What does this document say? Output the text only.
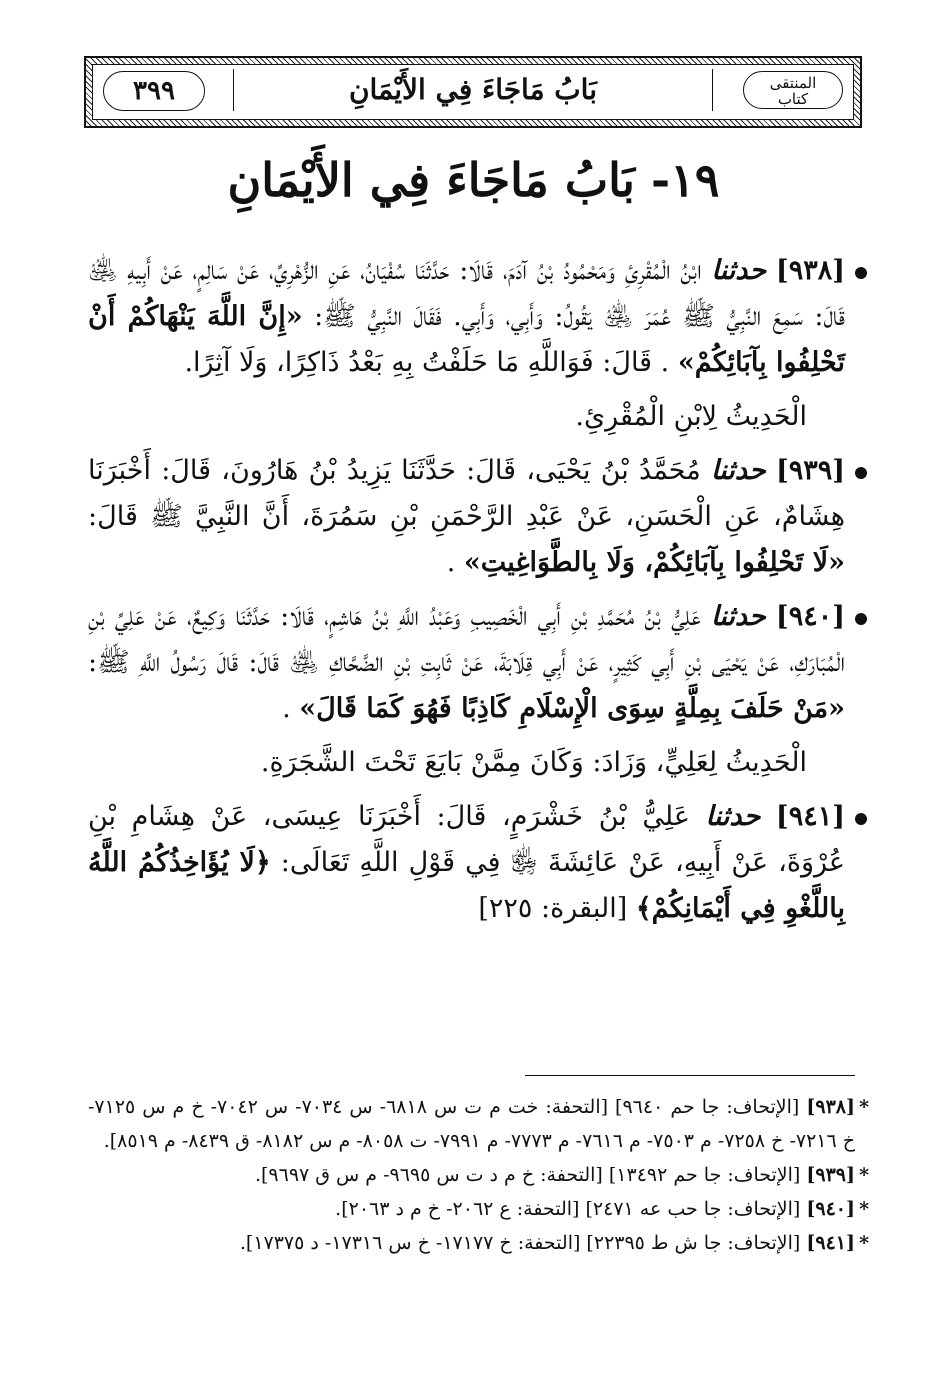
المنتقى
كتاب
بَابُ مَاجَاءَ فِي الأَيْمَانِ
٣٩٩
١٩- بَابُ مَاجَاءَ فِي الأَيْمَانِ

[٩٣٨] حدثنا ابْنُ الْمُقْرِئِ وَمَحْمُودُ بْنُ آدَمَ، قَالَا: حَدَّثَنَا سُفْيَانُ، عَنِ الزُّهْرِيِّ، عَنْ سَالِمٍ، عَنْ أَبِيهِ ﵁ قَالَ: سَمِعَ النَّبِيُّ ﷺ عُمَرَ ﵁ يَقُولُ: وَأَبِي، وَأَبِي. فَقَالَ النَّبِيُّ ﷺ: «إِنَّ اللَّهَ يَنْهَاكُمْ أَنْ تَحْلِفُوا بِآبَائِكُمْ» . قَالَ: فَوَاللَّهِ مَا حَلَفْتُ بِهِ بَعْدُ ذَاكِرًا، وَلَا آثِرًا.

الْحَدِيثُ لِابْنِ الْمُقْرِئِ.

[٩٣٩] حدثنا مُحَمَّدُ بْنُ يَحْيَى، قَالَ: حَدَّثَنَا يَزِيدُ بْنُ هَارُونَ، قَالَ: أَخْبَرَنَا هِشَامٌ، عَنِ الْحَسَنِ، عَنْ عَبْدِ الرَّحْمَنِ بْنِ سَمُرَةَ، أَنَّ النَّبِيَّ ﷺ قَالَ: «لَا تَحْلِفُوا بِآبَائِكُمْ، وَلَا بِالطَّوَاغِيتِ» .

[٩٤٠] حدثنا عَلِيُّ بْنُ مُحَمَّدِ بْنِ أَبِي الْخَصِيبِ وَعَبْدُ اللَّهِ بْنُ هَاشِمٍ، قَالَا: حَدَّثَنَا وَكِيعٌ، عَنْ عَلِيِّ بْنِ الْمُبَارَكِ، عَنْ يَحْيَى بْنِ أَبِي كَثِيرٍ، عَنْ أَبِي قِلَابَةَ، عَنْ ثَابِتِ بْنِ الضَّحَّاكِ ﵁ قَالَ: قَالَ رَسُولُ اللَّهِ ﷺ: «مَنْ حَلَفَ بِمِلَّةٍ سِوَى الْإِسْلَامِ كَاذِبًا فَهُوَ كَمَا قَالَ» .

الْحَدِيثُ لِعَلِيٍّ، وَزَادَ: وَكَانَ مِمَّنْ بَايَعَ تَحْتَ الشَّجَرَةِ.

[٩٤١] حدثنا عَلِيُّ بْنُ خَشْرَمٍ، قَالَ: أَخْبَرَنَا عِيسَى، عَنْ هِشَامِ بْنِ عُرْوَةَ، عَنْ أَبِيهِ، عَنْ عَائِشَةَ ﵂ فِي قَوْلِ اللَّهِ تَعَالَى: ﴿لَا يُؤَاخِذُكُمُ اللَّهُ بِاللَّغْوِ فِي أَيْمَانِكُمْ﴾ [البقرة: ٢٢٥]

*
[٩٣٨] [الإتحاف: جا حم ٩٦٤٠] [التحفة: خت م ت س ٦٨١٨- س ٧٠٣٤- س ٧٠٤٢- خ م س ٧١٢٥- خ ٧٢١٦- خ ٧٢٥٨- م ٧٥٠٣- م ٧٦١٦- م ٧٧٧٣- م ٧٩٩١- ت ٨٠٥٨- م س ٨١٨٢- ق ٨٤٣٩- م ٨٥١٩].

*
[٩٣٩] [الإتحاف: جا حم ١٣٤٩٢] [التحفة: خ م د ت س ٩٦٩٥- م س ق ٩٦٩٧].

*
[٩٤٠] [الإتحاف: جا حب عه ٢٤٧١] [التحفة: ع ٢٠٦٢- خ م د ٢٠٦٣].

*
[٩٤١] [الإتحاف: جا ش ط ٢٢٣٩٥] [التحفة: خ ١٧١٧٧- خ س ١٧٣١٦- د ١٧٣٧٥].
